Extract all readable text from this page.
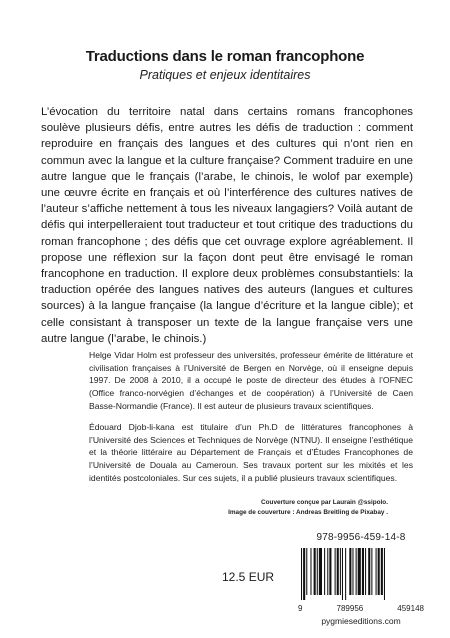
Traductions dans le roman francophone
Pratiques et enjeux identitaires

L’évocation du territoire natal dans certains romans francophones soulève plusieurs défis, entre autres les défis de traduction : comment reproduire en français des langues et des cultures qui n’ont rien en commun avec la langue et la culture française? Comment traduire en une autre langue que le français (l’arabe, le chinois, le wolof par exemple) une œuvre écrite en français et où l’interférence des cultures natives de l’auteur s’affiche nettement à tous les niveaux langagiers? Voilà autant de défis qui interpelleraient tout traducteur et tout critique des traductions du roman francophone ; des défis que cet ouvrage explore agréablement. Il propose une réflexion sur la façon dont peut être envisagé le roman francophone en traduction. Il explore deux problèmes consubstantiels: la traduction opérée des langues natives des auteurs (langues et cultures sources) à la langue française (la langue d’écriture et la langue cible); et celle consistant à transposer un texte de la langue française vers une autre langue (l’arabe, le chinois.)

Helge Vidar Holm est professeur des universités, professeur émérite de littérature et civilisation françaises à l’Université de Bergen en Norvège, où il enseigne depuis 1997. De 2008 à 2010, il a occupé le poste de directeur des études à l’OFNEC (Office franco-norvégien d’échanges et de coopération) à l’Université de Caen Basse-Normandie (France). Il est auteur de plusieurs travaux scientifiques.

Édouard Djob-li-kana est titulaire d’un Ph.D de littératures francophones à l’Université des Sciences et Techniques de Norvège (NTNU). Il enseigne l’esthétique et la théorie littéraire au Département de Français et d’Études Francophones de l’Université de Douala au Cameroun. Ses travaux portent sur les mixités et les identités postcoloniales. Sur ces sujets, il a publié plusieurs travaux scientifiques.

Couverture conçue par Laurain @ssipolo.
Image de couverture : Andreas Breitling de Pixabay .
978-9956-459-14-8
9	789956	459148
12.5 EUR
pygmieseditions.com
